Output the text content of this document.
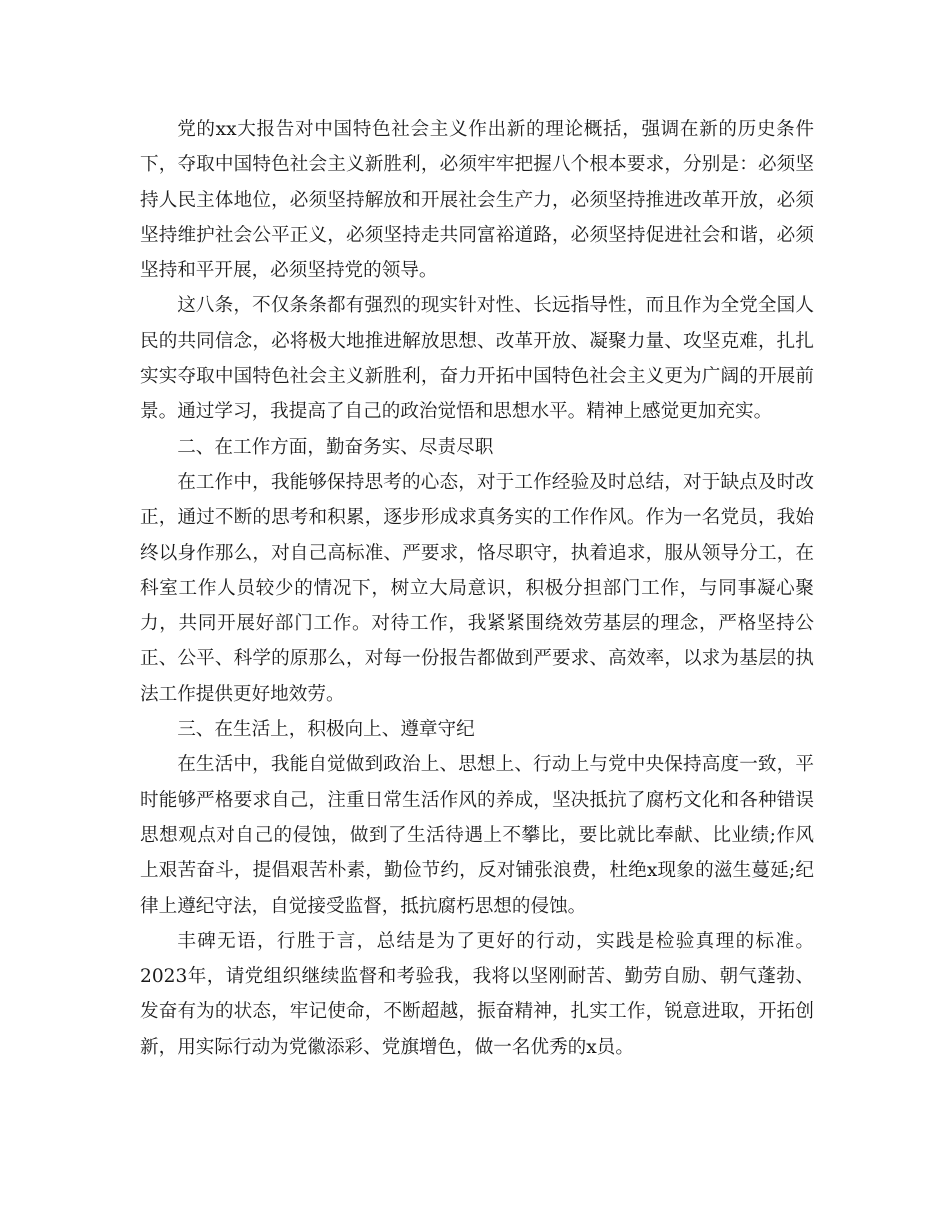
党的xx大报告对中国特色社会主义作出新的理论概括，强调在新的历史条件下，夺取中国特色社会主义新胜利，必须牢牢把握八个根本要求，分别是：必须坚持人民主体地位，必须坚持解放和开展社会生产力，必须坚持推进改革开放，必须坚持维护社会公平正义，必须坚持走共同富裕道路，必须坚持促进社会和谐，必须坚持和平开展，必须坚持党的领导。

这八条，不仅条条都有强烈的现实针对性、长远指导性，而且作为全党全国人民的共同信念，必将极大地推进解放思想、改革开放、凝聚力量、攻坚克难，扎扎实实夺取中国特色社会主义新胜利，奋力开拓中国特色社会主义更为广阔的开展前景。通过学习，我提高了自己的政治觉悟和思想水平。精神上感觉更加充实。

二、在工作方面，勤奋务实、尽责尽职

在工作中，我能够保持思考的心态，对于工作经验及时总结，对于缺点及时改正，通过不断的思考和积累，逐步形成求真务实的工作作风。作为一名党员，我始终以身作那么，对自己高标准、严要求，恪尽职守，执着追求，服从领导分工，在科室工作人员较少的情况下，树立大局意识，积极分担部门工作，与同事凝心聚力，共同开展好部门工作。对待工作，我紧紧围绕效劳基层的理念，严格坚持公正、公平、科学的原那么，对每一份报告都做到严要求、高效率，以求为基层的执法工作提供更好地效劳。

三、在生活上，积极向上、遵章守纪

在生活中，我能自觉做到政治上、思想上、行动上与党中央保持高度一致，平时能够严格要求自己，注重日常生活作风的养成，坚决抵抗了腐朽文化和各种错误思想观点对自己的侵蚀，做到了生活待遇上不攀比，要比就比奉献、比业绩;作风上艰苦奋斗，提倡艰苦朴素，勤俭节约，反对铺张浪费，杜绝x现象的滋生蔓延;纪律上遵纪守法，自觉接受监督，抵抗腐朽思想的侵蚀。

丰碑无语，行胜于言，总结是为了更好的行动，实践是检验真理的标准。2023年，请党组织继续监督和考验我，我将以坚刚耐苦、勤劳自励、朝气蓬勃、发奋有为的状态，牢记使命，不断超越，振奋精神，扎实工作，锐意进取，开拓创新，用实际行动为党徽添彩、党旗增色，做一名优秀的x员。
